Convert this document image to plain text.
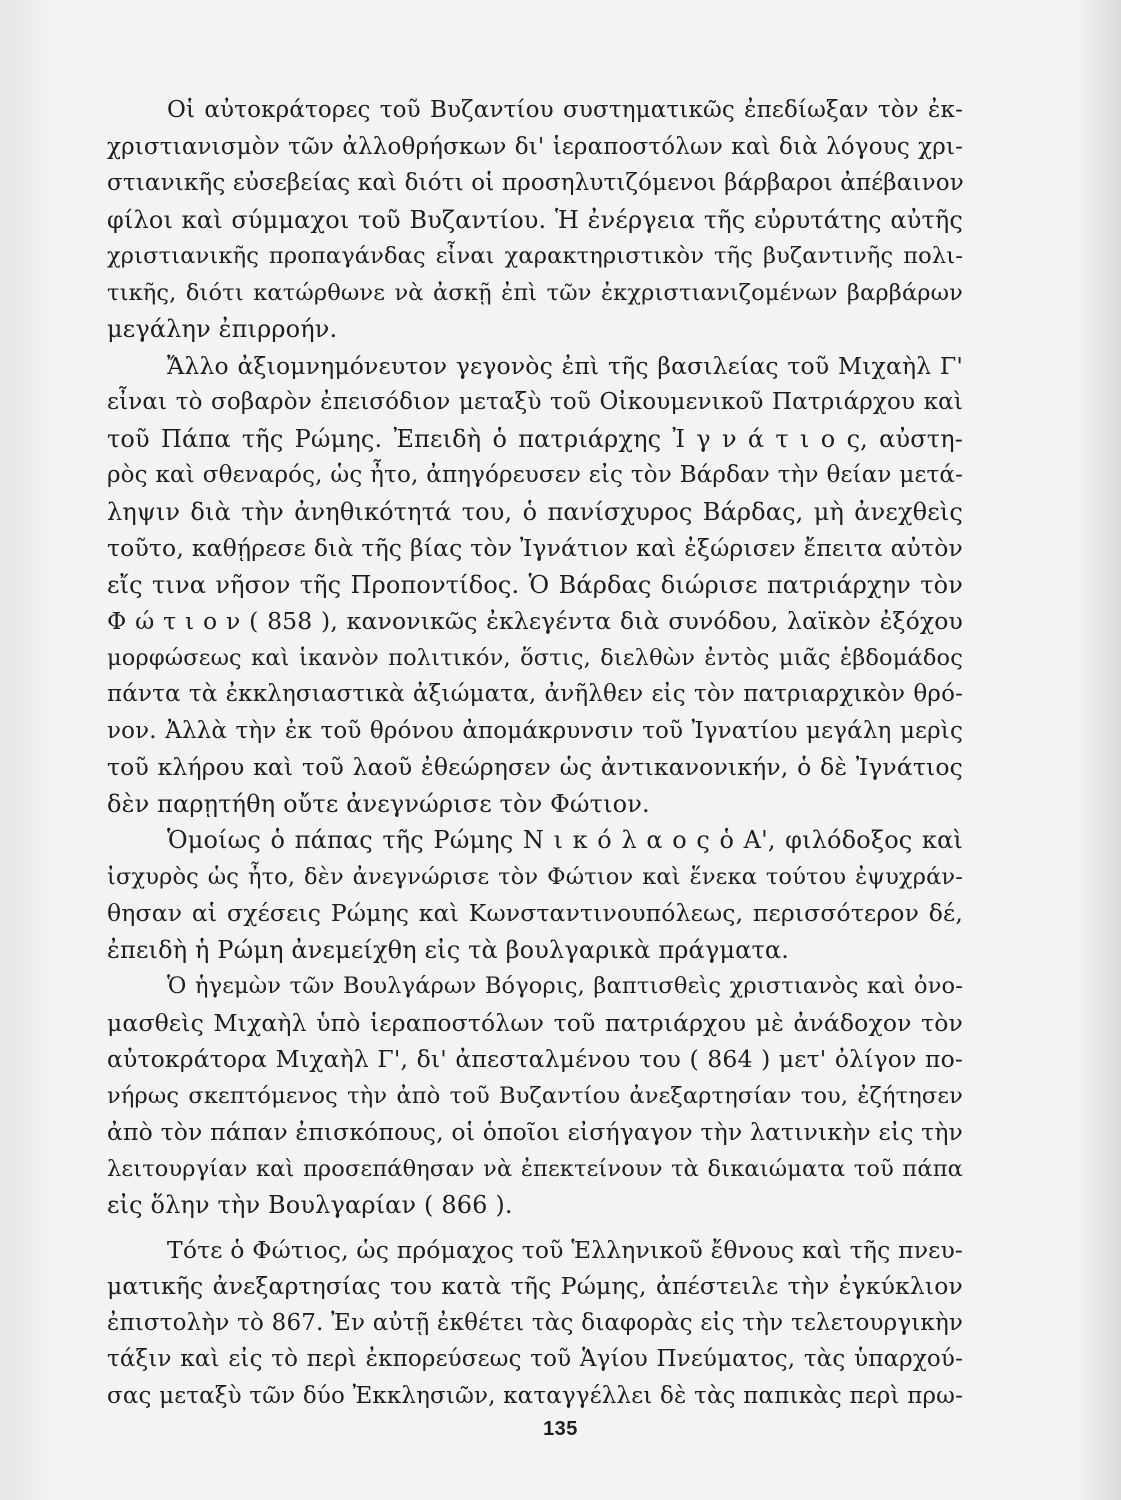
Οἱ αὐτοκράτορες τοῦ Βυζαντίου συστηματικῶς ἐπεδίωξαν τὸν ἐκ-
χριστιανισμὸν τῶν ἀλλοθρήσκων δι' ἱεραποστόλων καὶ διὰ λόγους χρι-
στιανικῆς εὐσεβείας καὶ διότι οἱ προσηλυτιζόμενοι βάρβαροι ἀπέβαινον
φίλοι καὶ σύμμαχοι τοῦ Βυζαντίου. Ἡ ἐνέργεια τῆς εὐρυτάτης αὐτῆς
χριστιανικῆς προπαγάνδας εἶναι χαρακτηριστικὸν τῆς βυζαντινῆς πολι-
τικῆς, διότι κατώρθωνε νὰ ἀσκῇ ἐπὶ τῶν ἐκχριστιανιζομένων βαρβάρων
μεγάλην ἐπιρροήν.
Ἄλλο ἀξιομνημόνευτον γεγονὸς ἐπὶ τῆς βασιλείας τοῦ Μιχαὴλ Γ'
εἶναι τὸ σοβαρὸν ἐπεισόδιον μεταξὺ τοῦ Οἰκουμενικοῦ Πατριάρχου καὶ
τοῦ Πάπα τῆς Ρώμης. Ἐπειδὴ ὁ πατριάρχης Ἰ γ ν ά τ ι ο ς, αὐστη-
ρὸς καὶ σθεναρός, ὡς ἦτο, ἀπηγόρευσεν εἰς τὸν Βάρδαν τὴν θείαν μετά-
ληψιν διὰ τὴν ἀνηθικότητά του, ὁ πανίσχυρος Βάρδας, μὴ ἀνεχθεὶς
τοῦτο, καθῄρεσε διὰ τῆς βίας τὸν Ἰγνάτιον καὶ ἐξώρισεν ἔπειτα αὐτὸν
εἴς τινα νῆσον τῆς Προποντίδος. Ὁ Βάρδας διώρισε πατριάρχην τὸν
Φ ώ τ ι ο ν ( 858 ), κανονικῶς ἐκλεγέντα διὰ συνόδου, λαϊκὸν ἐξόχου
μορφώσεως καὶ ἱκανὸν πολιτικόν, ὅστις, διελθὼν ἐντὸς μιᾶς ἑβδομάδος
πάντα τὰ ἐκκλησιαστικὰ ἀξιώματα, ἀνῆλθεν εἰς τὸν πατριαρχικὸν θρό-
νον. Ἀλλὰ τὴν ἐκ τοῦ θρόνου ἀπομάκρυνσιν τοῦ Ἰγνατίου μεγάλη μερὶς
τοῦ κλήρου καὶ τοῦ λαοῦ ἐθεώρησεν ὡς ἀντικανονικήν, ὁ δὲ Ἰγνάτιος
δὲν παρῃτήθη οὔτε ἀνεγνώρισε τὸν Φώτιον.
Ὁμοίως ὁ πάπας τῆς Ρώμης Ν ι κ ό λ α ο ς ὁ Α', φιλόδοξος καὶ
ἰσχυρὸς ὡς ἦτο, δὲν ἀνεγνώρισε τὸν Φώτιον καὶ ἕνεκα τούτου ἐψυχράν-
θησαν αἱ σχέσεις Ρώμης καὶ Κωνσταντινουπόλεως, περισσότερον δέ,
ἐπειδὴ ἡ Ρώμη ἀνεμείχθη εἰς τὰ βουλγαρικὰ πράγματα.
Ὁ ἡγεμὼν τῶν Βουλγάρων Βόγορις, βαπτισθεὶς χριστιανὸς καὶ ὀνο-
μασθεὶς Μιχαὴλ ὑπὸ ἱεραποστόλων τοῦ πατριάρχου μὲ ἀνάδοχον τὸν
αὐτοκράτορα Μιχαὴλ Γ', δι' ἀπεσταλμένου του ( 864 ) μετ' ὀλίγον πο-
νήρως σκεπτόμενος τὴν ἀπὸ τοῦ Βυζαντίου ἀνεξαρτησίαν του, ἐζήτησεν
ἀπὸ τὸν πάπαν ἐπισκόπους, οἱ ὁποῖοι εἰσήγαγον τὴν λατινικὴν εἰς τὴν
λειτουργίαν καὶ προσεπάθησαν νὰ ἐπεκτείνουν τὰ δικαιώματα τοῦ πάπα
εἰς ὅλην τὴν Βουλγαρίαν ( 866 ).
Τότε ὁ Φώτιος, ὡς πρόμαχος τοῦ Ἑλληνικοῦ ἔθνους καὶ τῆς πνευ-
ματικῆς ἀνεξαρτησίας του κατὰ τῆς Ρώμης, ἀπέστειλε τὴν ἐγκύκλιον
ἐπιστολὴν τὸ 867. Ἐν αὐτῇ ἐκθέτει τὰς διαφορὰς εἰς τὴν τελετουργικὴν
τάξιν καὶ εἰς τὸ περὶ ἐκπορεύσεως τοῦ Ἁγίου Πνεύματος, τὰς ὑπαρχού-
σας μεταξὺ τῶν δύο Ἐκκλησιῶν, καταγγέλλει δὲ τὰς παπικὰς περὶ πρω-
135
